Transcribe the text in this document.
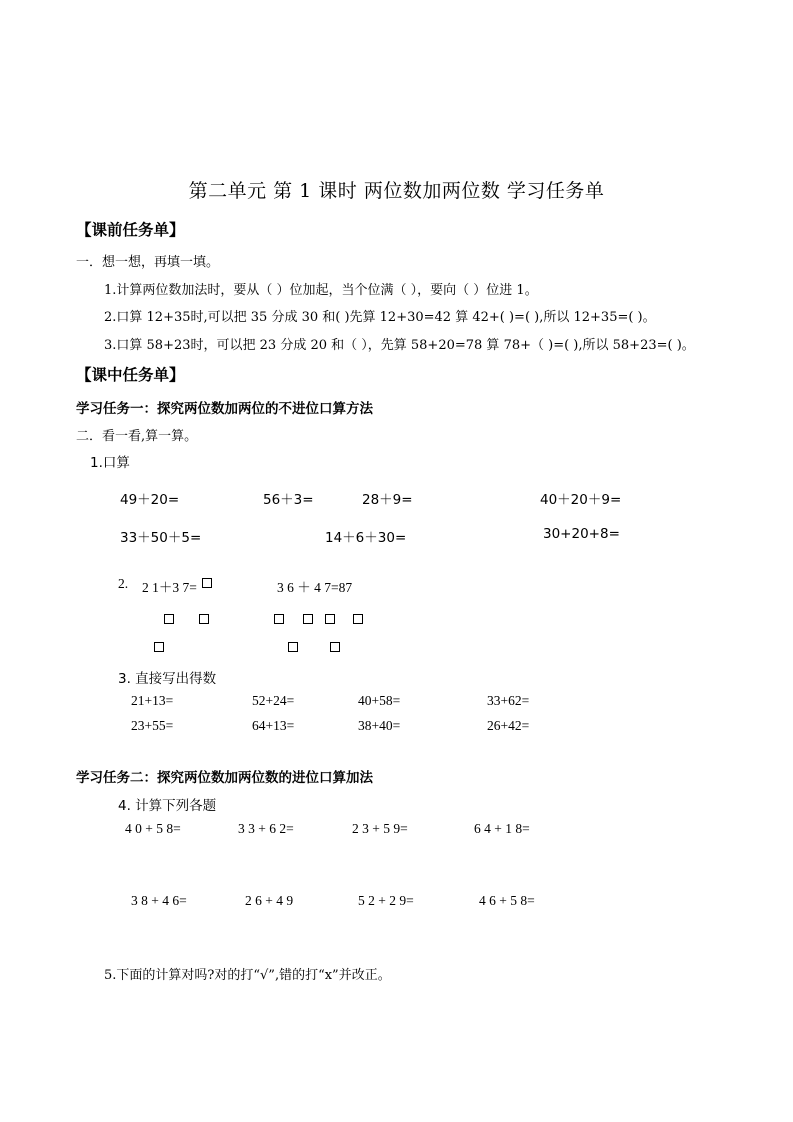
第二单元 第 1 课时 两位数加两位数 学习任务单
【课前任务单】
一．想一想，再填一填。
1.计算两位数加法时，要从（ ）位加起，当个位满（ ），要向（ ）位进 1。
2.口算 12+35时,可以把 35 分成 30 和( )先算 12+30=42 算 42+( )=( ),所以 12+35=( )。
3.口算 58+23时，可以把 23 分成 20 和（ ），先算 58+20=78 算 78+（ )=( ),所以 58+23=( )。
【课中任务单】
学习任务一：探究两位数加两位的不进位口算方法
二．看一看,算一算。
1.口算
49＋20=	56＋3=	28＋9=	40＋20＋9=
33＋50＋5=	14＋6＋30=	30+20+8=
2. 2 1＋3 7=	3 6 ＋ 4 7=87
3. 直接写出得数
21+13=	52+24=	40+58=	33+62=
23+55=	64+13=	38+40=	26+42=
学习任务二：探究两位数加两位数的进位口算加法
4. 计算下列各题
4 0 + 5 8=	3 3 + 6 2=	2 3 + 5 9=	6 4 + 1 8=
3 8 + 4 6=	2 6 + 4 9	5 2 + 2 9=	4 6 + 5 8=
5.下面的计算对吗?对的打“√”,错的打“x”并改正。
